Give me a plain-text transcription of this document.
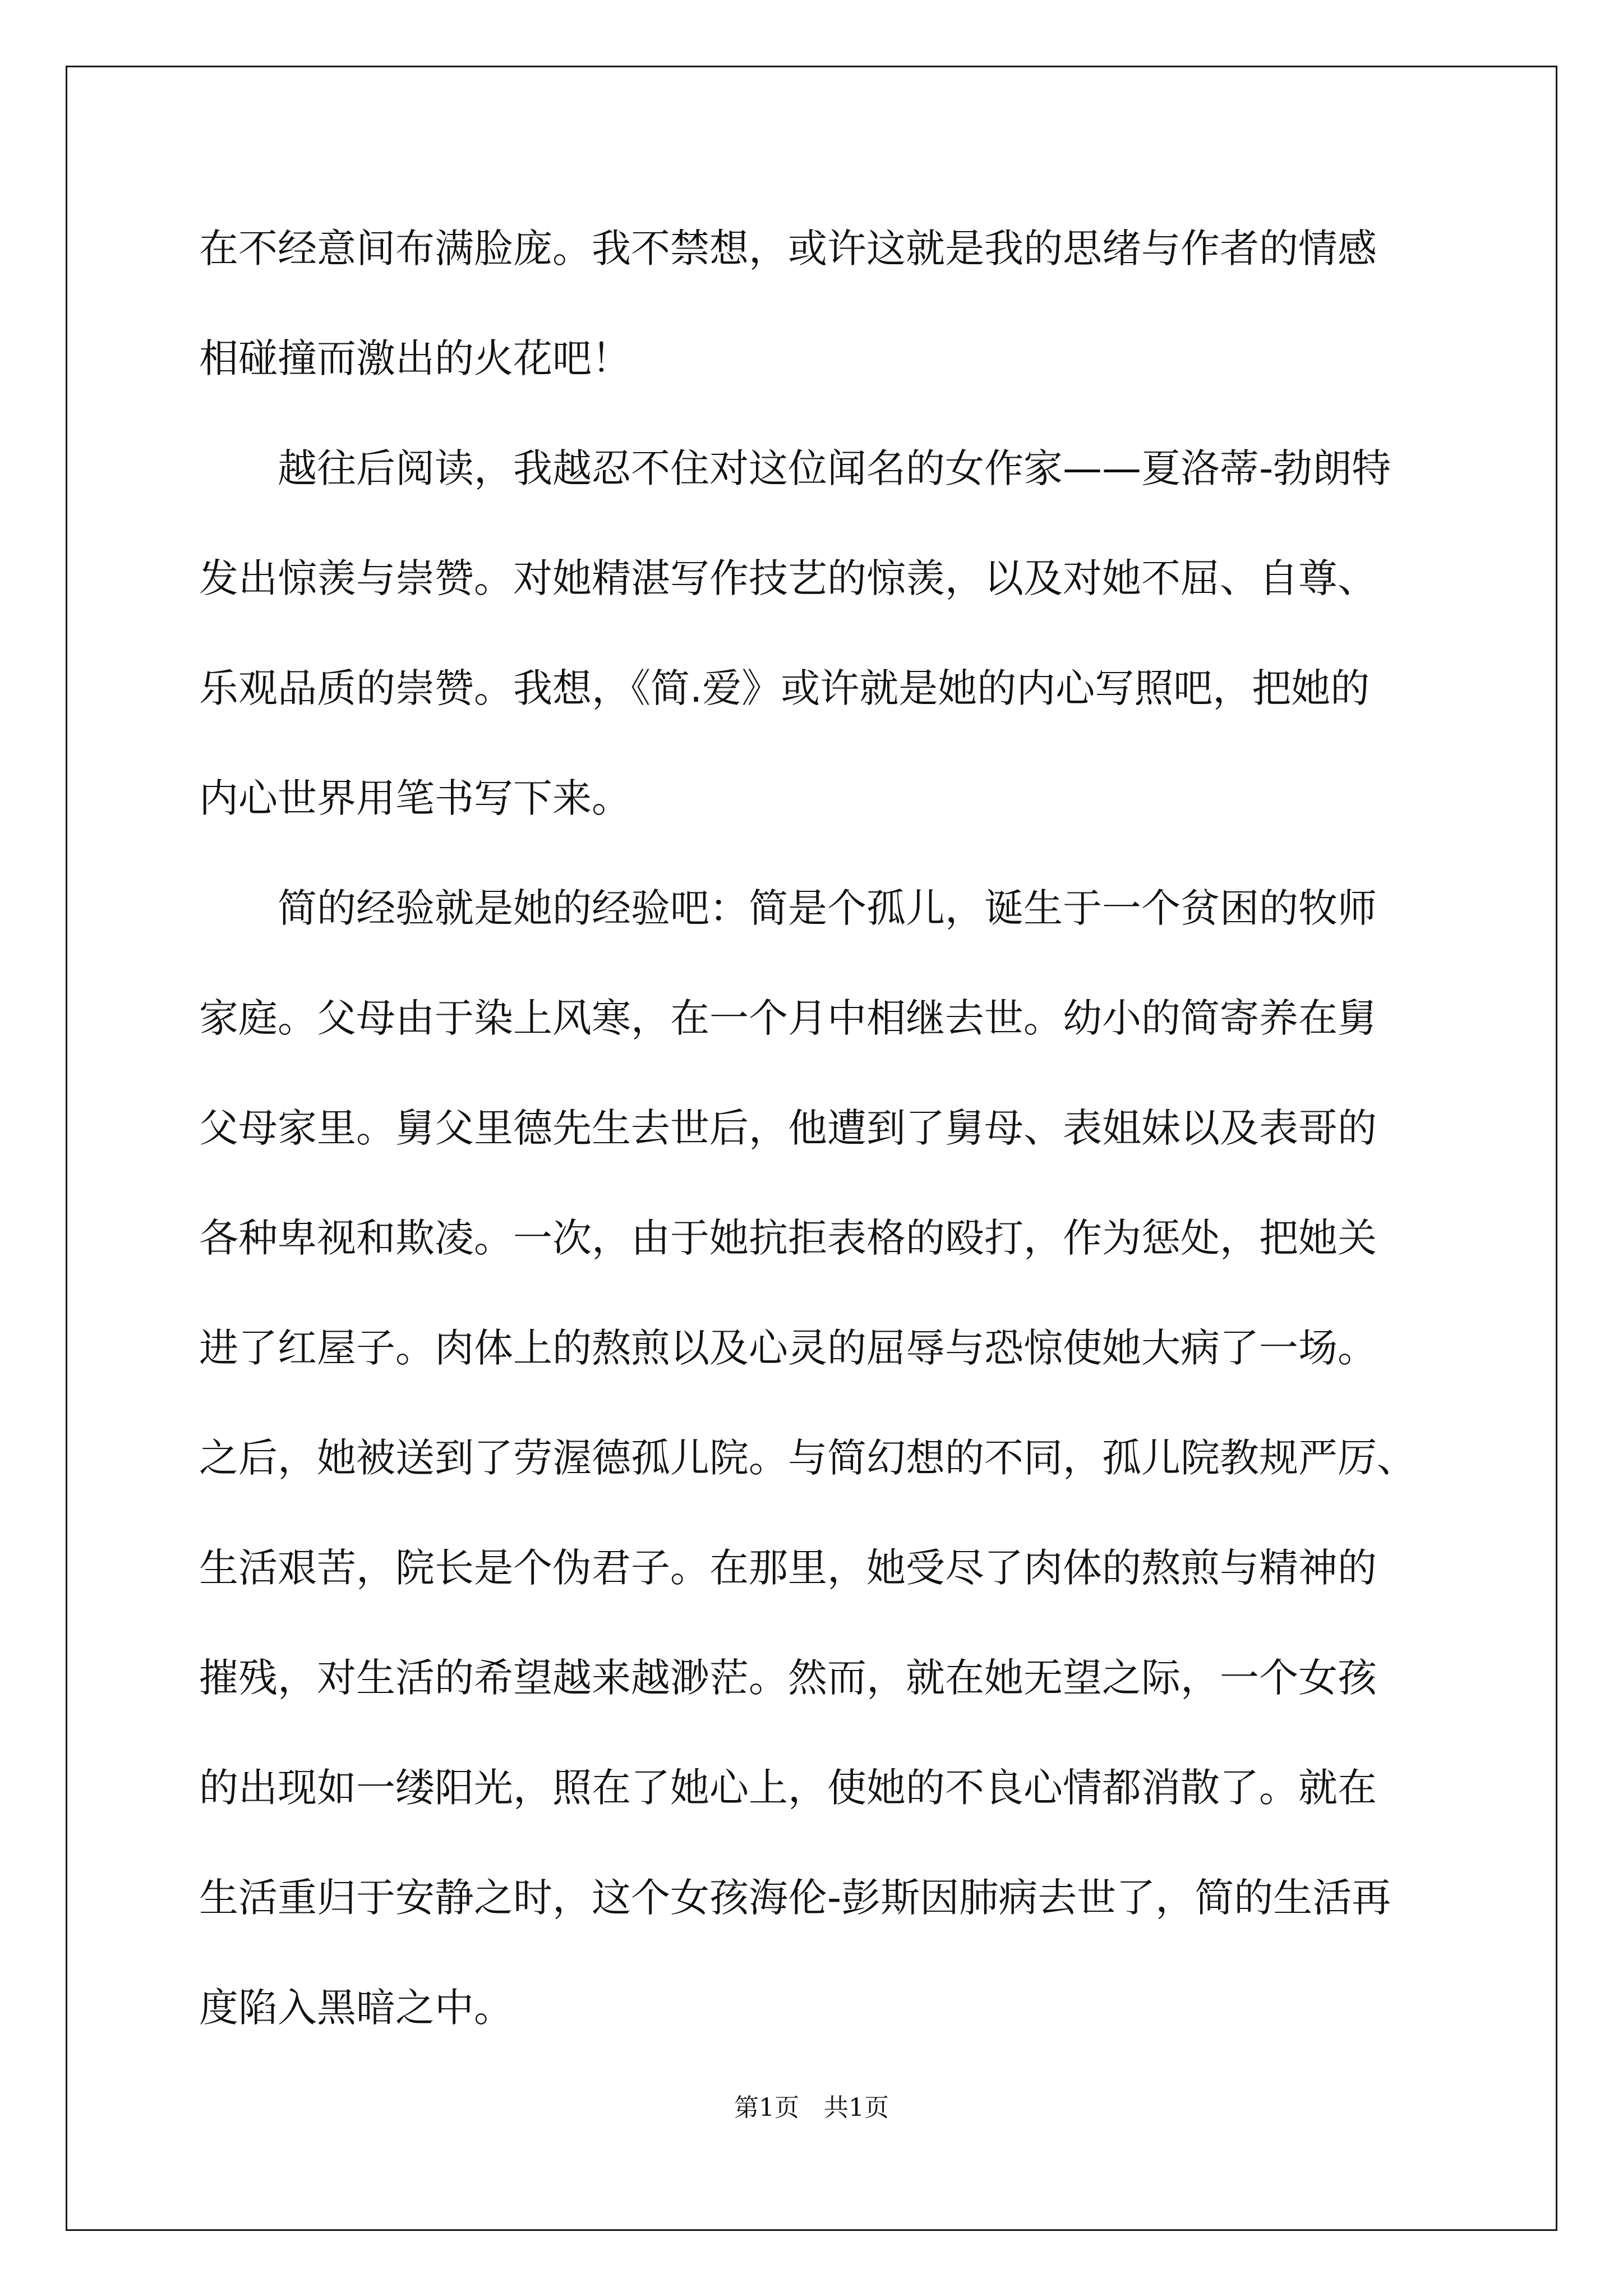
在不经意间布满脸庞。我不禁想，或许这就是我的思绪与作者的情感
相碰撞而激出的火花吧！
越往后阅读，我越忍不住对这位闻名的女作家——夏洛蒂-勃朗特
发出惊羡与崇赞。对她精湛写作技艺的惊羡，以及对她不屈、自尊、
乐观品质的崇赞。我想，《简.爱》或许就是她的内心写照吧，把她的
内心世界用笔书写下来。
简的经验就是她的经验吧：简是个孤儿，诞生于一个贫困的牧师
家庭。父母由于染上风寒，在一个月中相继去世。幼小的简寄养在舅
父母家里。舅父里德先生去世后，他遭到了舅母、表姐妹以及表哥的
各种卑视和欺凌。一次，由于她抗拒表格的殴打，作为惩处，把她关
进了红屋子。肉体上的熬煎以及心灵的屈辱与恐惊使她大病了一场。
之后，她被送到了劳渥德孤儿院。与简幻想的不同，孤儿院教规严厉、
生活艰苦，院长是个伪君子。在那里，她受尽了肉体的熬煎与精神的
摧残，对生活的希望越来越渺茫。然而，就在她无望之际，一个女孩
的出现如一缕阳光，照在了她心上，使她的不良心情都消散了。就在
生活重归于安静之时，这个女孩海伦-彭斯因肺病去世了，简的生活再
度陷入黑暗之中。
第1页　共1页
